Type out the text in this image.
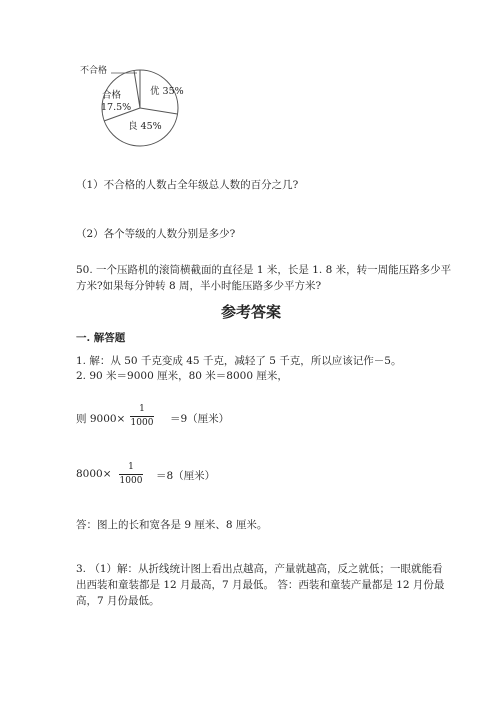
不合格
合格
17.5%
优 35%
良 45%
（1）不合格的人数占全年级总人数的百分之几?
（2）各个等级的人数分别是多少?
50. 一个压路机的滚筒横截面的直径是 1 米，长是 1. 8 米，转一周能压路多少平
方米?如果每分钟转 8 周，半小时能压路多少平方米?
参考答案
一. 解答题
1. 解：从 50 千克变成 45 千克，减轻了 5 千克，所以应该记作－5。
2. 90 米＝9000 厘米，80 米＝8000 厘米，
则 9000×
1
1000 ＝9（厘米）
8000×
1
1000 ＝8（厘米）
答：图上的长和宽各是 9 厘米、8 厘米。
3. （1）解：从折线统计图上看出点越高，产量就越高，反之就低；一眼就能看
出西装和童装都是 12 月最高，7 月最低。 答：西装和童装产量都是 12 月份最
高，7 月份最低。
